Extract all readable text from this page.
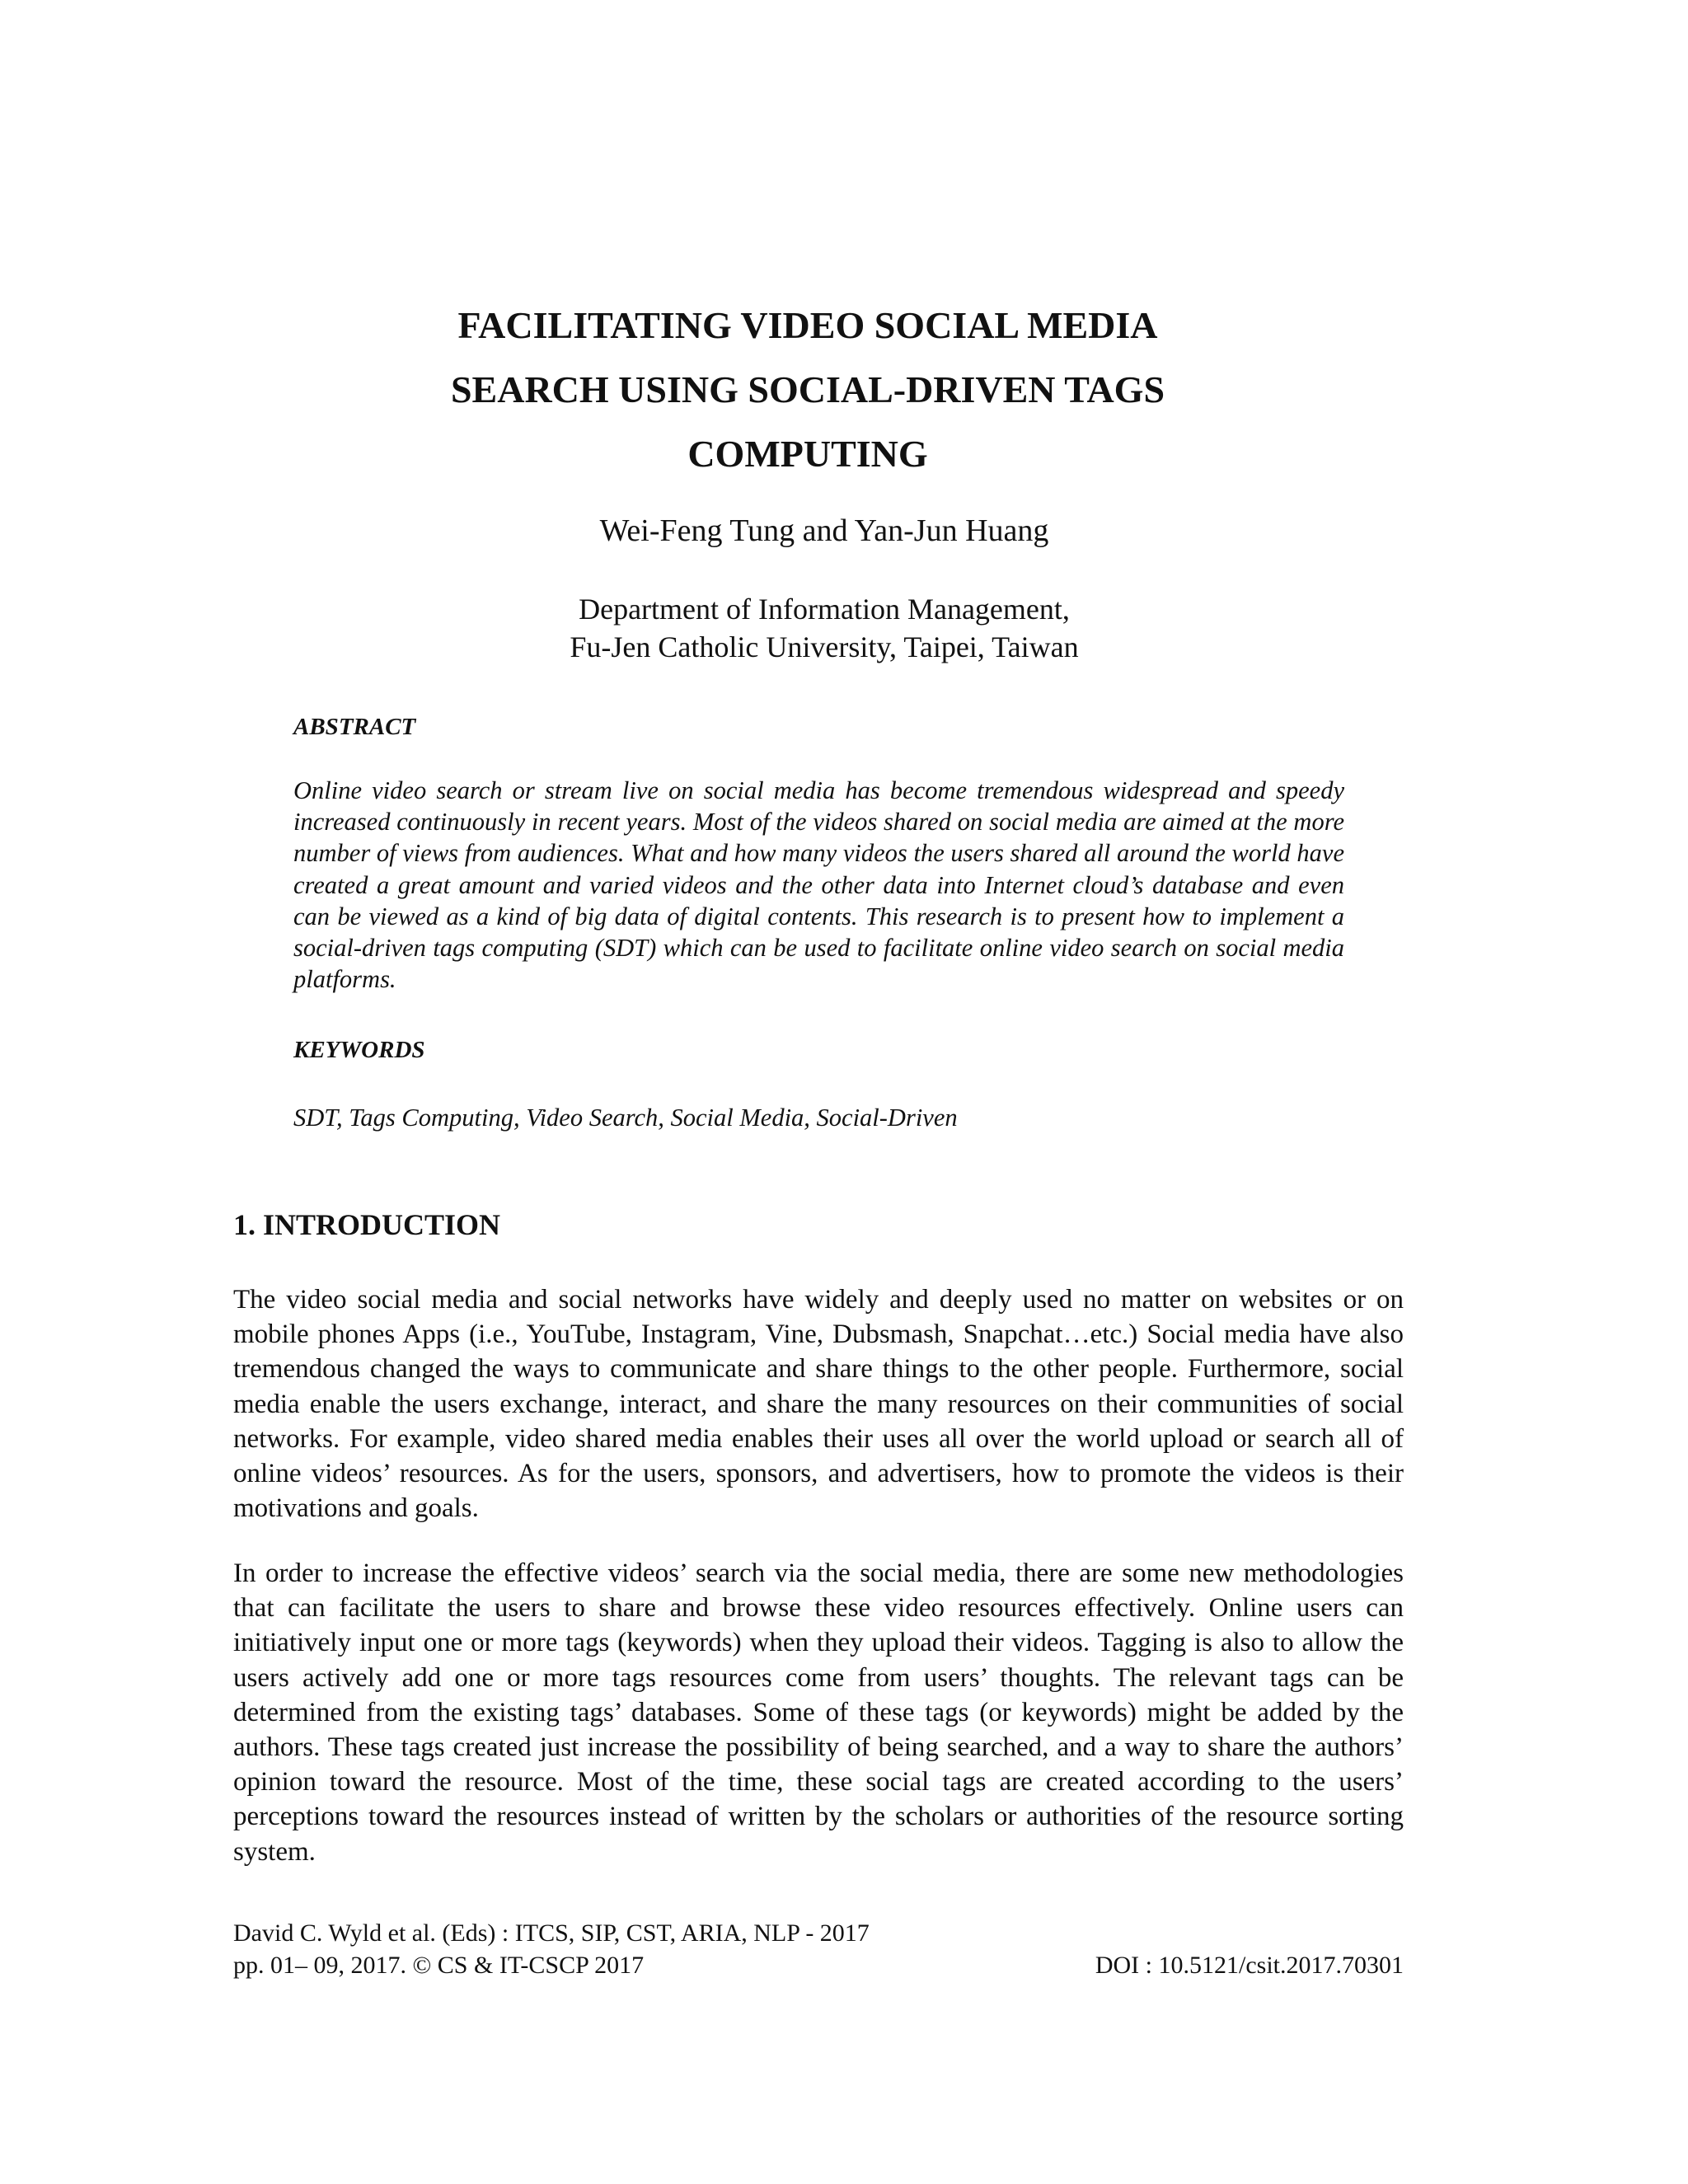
FACILITATING VIDEO SOCIAL MEDIA
SEARCH USING SOCIAL-DRIVEN TAGS
COMPUTING
Wei-Feng Tung and Yan-Jun Huang
Department of Information Management,
Fu-Jen Catholic University, Taipei, Taiwan
ABSTRACT
Online video search or stream live on social media has become tremendous widespread and speedy increased continuously in recent years. Most of the videos shared on social media are aimed at the more number of views from audiences. What and how many videos the users shared all around the world have created a great amount and varied videos and the other data into Internet cloud’s database and even can be viewed as a kind of big data of digital contents. This research is to present how to implement a social-driven tags computing (SDT) which can be used to facilitate online video search on social media platforms.
KEYWORDS
SDT, Tags Computing, Video Search, Social Media, Social-Driven
1. INTRODUCTION
The video social media and social networks have widely and deeply used no matter on websites or on mobile phones Apps (i.e., YouTube, Instagram, Vine, Dubsmash, Snapchat…etc.) Social media have also tremendous changed the ways to communicate and share things to the other people. Furthermore, social media enable the users exchange, interact, and share the many resources on their communities of social networks. For example, video shared media enables their uses all over the world upload or search all of online videos’ resources. As for the users, sponsors, and advertisers, how to promote the videos is their motivations and goals.
In order to increase the effective videos’ search via the social media, there are some new methodologies that can facilitate the users to share and browse these video resources effectively. Online users can initiatively input one or more tags (keywords) when they upload their videos. Tagging is also to allow the users actively add one or more tags resources come from users’ thoughts. The relevant tags can be determined from the existing tags’ databases. Some of these tags (or keywords) might be added by the authors. These tags created just increase the possibility of being searched, and a way to share the authors’ opinion toward the resource. Most of the time, these social tags are created according to the users’ perceptions toward the resources instead of written by the scholars or authorities of the resource sorting system.
David C. Wyld et al. (Eds) : ITCS, SIP, CST, ARIA, NLP - 2017
pp. 01– 09, 2017. © CS & IT-CSCP 2017	DOI : 10.5121/csit.2017.70301
